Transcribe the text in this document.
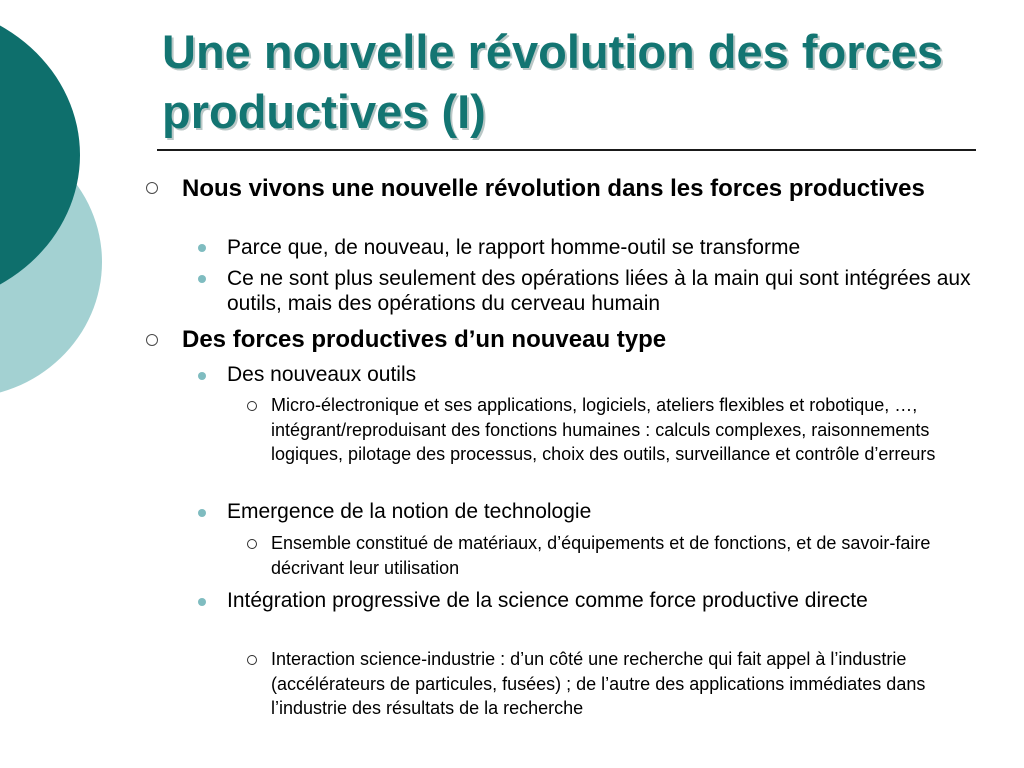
Une nouvelle révolution des forces productives (I)
Nous vivons une nouvelle révolution dans les forces productives
Parce que, de nouveau, le rapport homme-outil se transforme
Ce ne sont plus seulement des opérations liées à la main qui sont intégrées aux outils, mais des opérations du cerveau humain
Des forces productives d’un nouveau type
Des nouveaux outils
Micro-électronique et ses applications, logiciels, ateliers flexibles et robotique, …, intégrant/reproduisant des fonctions humaines : calculs complexes, raisonnements logiques, pilotage des processus, choix des outils, surveillance et contrôle d’erreurs
Emergence de la notion de technologie
Ensemble constitué de matériaux, d’équipements et de fonctions, et de savoir-faire décrivant leur utilisation
Intégration progressive de la science comme force productive directe
Interaction science-industrie : d’un côté une recherche qui fait appel à l’industrie (accélérateurs de particules, fusées) ; de l’autre des applications immédiates dans l’industrie des résultats de la recherche
